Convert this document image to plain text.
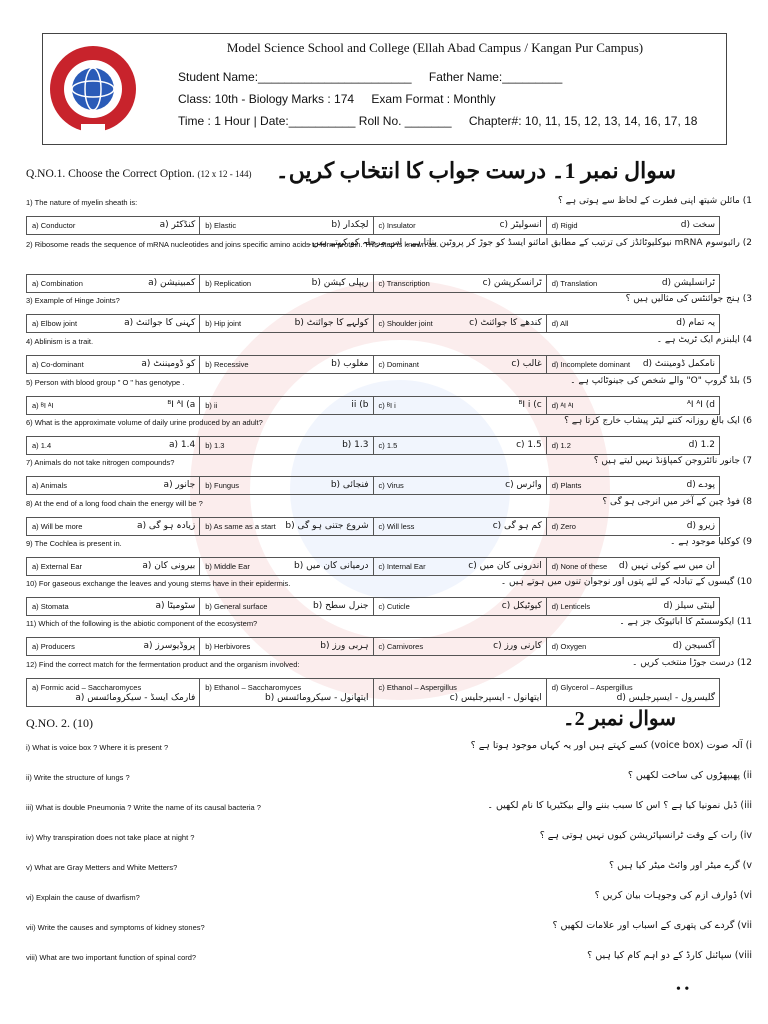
Model Science School and College (Ellah Abad Campus / Kangan Pur Campus)
Student Name:_______________________ Father Name:_________
Class: 10th - Biology Marks : 174 Exam Format : Monthly
Time : 1 Hour | Date:__________ Roll No. _______ Chapter#: 10, 11, 15, 12, 13, 14, 16, 17, 18
Q.NO.1. Choose the Correct Option. (12 x 12 - 144) سوال نمبر 1۔ درست جواب کا انتخاب کریں۔
1) The nature of myelin sheath is:	1) مائلن شیتھ اپنی فطرت کے لحاظ سے ہوتی ہے ؟
a) Conductor	کنڈکٹر (a	b) Elastic	لچکدار (b	c) Insulator	انسولیٹر (c	d) Rigid	سخت (d
2) Ribosome reads the sequence of mRNA nucleotides and joins specific amino acids to form protein. This step is known as.
2) رائبوسوم mRNA نیوکلیوٹائڈز کی ترتیب کے مطابق امائنو ایسڈ کو جوڑ کر پروٹین بناتا ہے۔ اس مرحلہ کو کہتے ہیں۔
a) Combination	کمبینیشن (a	b) Replication	ریپلی کیشن (b	c) Transcription	ٹرانسکرپشن (c	d) Translation	ٹرانسلیشن (d
3) Example of Hinge Joints?	3) ہنج جوائنٹس کی مثالیں ہیں ؟
a) Elbow joint	کہنی کا جوائنٹ (a	b) Hip joint	کولہے کا جوائنٹ (b	c) Shoulder joint	کندھے کا جوائنٹ (c	d) All	یہ تمام (d
4) Ablinism is a trait.	4) ایلبنزم ایک ٹریٹ ہے ۔
a) Co-dominant	کو ڈومیننٹ (a	b) Recessive	مغلوب (b	c) Dominant	غالب (c	d) Incomplete dominant نامکمل ڈومیننٹ (d
5) Person with blood group " O " has genotype .	5) بلڈ گروپ "O" والے شخص کی جینوٹائپ ہے ۔
a) ᴮI ᴬI	ᴮI ᴬI (a	b) ii	ii (b	c) ᴮI i	ᴮI i (c	d) ᴬI ᴬI	ᴬI ᴬI (d
6) What is the approximate volume of daily urine produced by an adult?	6) ایک بالغ روزانہ کتنے لیٹر پیشاب خارج کرتا ہے ؟
a) 1.4	1.4 (a	b) 1.3	1.3 (b	c) 1.5	1.5 (c	d) 1.2	1.2 (d
7) Animals do not take nitrogen compounds?	7) جانور نائٹروجن کمپاؤنڈ نہیں لیتے ہیں ؟
a) Animals	جانور (a	b) Fungus	فنجائی (b	c) Virus	وائرس (c	d) Plants	پودے (d
8) At the end of a long food chain the energy will be ?	8) فوڈ چین کے آخر میں انرجی ہو گی ؟
a) Will be more	زیادہ ہو گی (a	b) As same as a start شروع جتنی ہو گی (b	c) Will less	کم ہو گی (c	d) Zero	زیرو (d
9) The Cochlea is present in.	9) کوکلیا موجود ہے ۔
a) External Ear	بیرونی کان (a	b) Middle Ear	درمیانی کان میں (b	c) Internal Ear	اندرونی کان میں (c	d) None of these ان میں سے کوئی نہیں (d
10) For gaseous exchange the leaves and young stems have in their epidermis.	10) گیسوں کے تبادلہ کے لئے پتوں اور نوجوان تنوں میں ہوتے ہیں ۔
a) Stomata	سٹومیٹا (a	b) General surface	جنرل سطح (b	c) Cuticle	کیوٹیکل (c	d) Lenticels	لینٹی سیلز (d
11) Which of the following is the abiotic component of the ecosystem?	11) ایکوسسٹم کا ابائیوٹک جز ہے ۔
a) Producers	پروڈیوسرز (a	b) Herbivores	ہربی ورز (b	c) Carnivores	کارنی ورز (c	d) Oxygen	آکسیجن (d
12) Find the correct match for the fermentation product and the organism involved:	12) درست جوڑا منتخب کریں ۔
a) Formic acid – Saccharomyces
فارمک ایسڈ - سیکرومائسس (a

b) Ethanol – Saccharomyces
ایتھانول - سیکرومائسس (b

c) Ethanol – Aspergillus
ایتھانول - ایسپرجلیس (c

d) Glycerol – Aspergillus
گلیسرول - ایسپرجلیس (d
Q.NO. 2. (10)	سوال نمبر 2۔
i) What is voice box ? Where it is present ?	i) آلہ صوت (voice box) کسے کہتے ہیں اور یہ کہاں موجود ہوتا ہے ؟
ii) Write the structure of lungs ?	ii) پھیپھڑوں کی ساخت لکھیں ؟
iii) What is double Pneumonia ? Write the name of its causal bacteria ?	iii) ڈبل نمونیا کیا ہے ؟ اس کا سبب بننے والے بیکٹیریا کا نام لکھیں ۔
iv) Why transpiration does not take place at night ?	iv) رات کے وقت ٹرانسپائریشن کیوں نہیں ہوتی ہے ؟
v) What are Gray Metters and White Metters?	v) گرے میٹر اور وائٹ میٹر کیا ہیں ؟
vi) Explain the cause of dwarfism?	vi) ڈوارف ازم کی وجوہات بیان کریں ؟
vii) Write the causes and symptoms of kidney stones?	vii) گردے کی پتھری کے اسباب اور علامات لکھیں ؟
viii) What are two important function of spinal cord?	viii) سپائنل کارڈ کے دو اہم کام کیا ہیں ؟
• •
